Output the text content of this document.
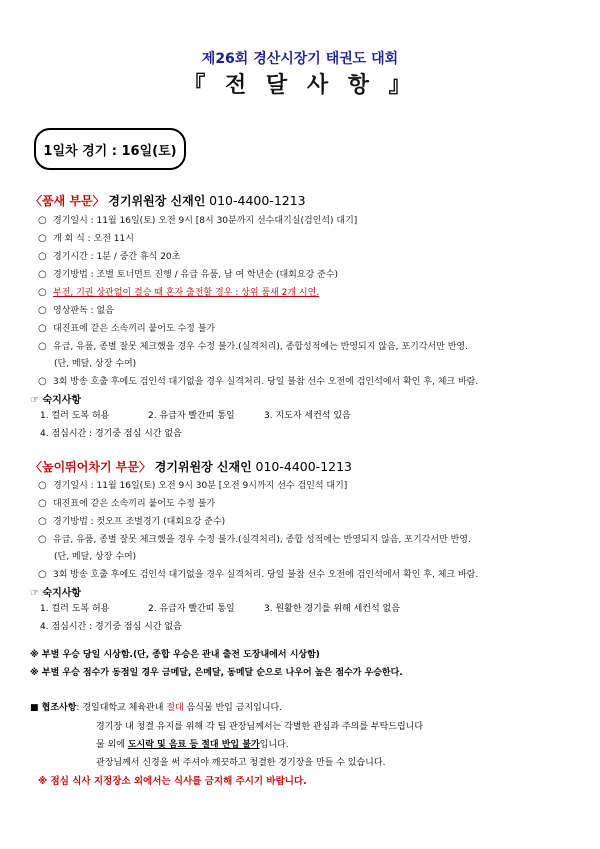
제26회 경산시장기 태권도 대회
『 전 달 사 항 』
1일차 경기 : 16일(토)
〈품새 부문〉 경기위원장 신재인 010-4400-1213
○ 경기일시 : 11월 16일(토) 오전 9시 [8시 30분까지 선수대기실(검인석) 대기]
○ 개 회 식 : 오전 11시
○ 경기시간 : 1분 / 중간 휴식 20초
○ 경기방법 : 조별 토너먼트 진행 / 유급 유품, 남 여 학년순 (대회요강 준수)
○ 부전, 기권 상관없이 결승 때 혼자 출전할 경우 : 상위 품새 2개 시연.
○ 영상판독 : 없음
○ 대진표에 같은 소속끼리 붙어도 수정 불가
○ 유급, 유품, 종별 잘못 체크했을 경우 수정 불가.(실격처리), 종합성적에는 반영되지 않음, 포기각서만 반영.
(단, 메달, 상장 수여)
○ 3회 방송 호출 후에도 검인석 대기없을 경우 실격처리. 당일 불참 선수 오전에 검인석에서 확인 후, 체크 바람.
☞ 숙지사항
1. 컬러 도복 허용	2. 유급자 빨간띠 통일	3. 지도자 세컨석 있음
4. 점심시간 : 경기중 점심 시간 없음
〈높이뛰어차기 부문〉 경기위원장 신재인 010-4400-1213
○ 경기일시 : 11월 16일(토) 오전 9시 30분 [오전 9시까지 선수 검인석 대기]
○ 대진표에 같은 소속끼리 붙어도 수정 불가
○ 경기방법 : 컷오프 조별경기 (대회요강 준수)
○ 유급, 유품, 종별 잘못 체크했을 경우 수정 불가.(실격처리), 종합 성적에는 반영되지 않음, 포기각서만 반영.
(단, 메달, 상장 수여)
○ 3회 방송 호출 후에도 검인석 대기없을 경우 실격처리. 당일 불참 선수 오전에 검인석에서 확인 후, 체크 바람.
☞ 숙지사항
1. 컬러 도복 허용	2. 유급자 빨간띠 통일	3. 원활한 경기를 위해 세컨석 없음
4. 점심시간 : 경기중 점심 시간 없음
※ 부별 우승 당일 시상함.(단, 종합 우승은 관내 출전 도장내에서 시상함)
※ 부별 우승 점수가 동점일 경우 금메달, 은메달, 동메달 순으로 나우어 높은 점수가 우승한다.
■ 협조사항: 경일대학교 체육관내 절대 음식물 반입 금지입니다.
경기장 내 청결 유지를 위해 각 팀 관장님께서는 각별한 관심과 주의를 부탁드립니다
물 외에 도시락 및 음료 등 절대 반입 불가입니다.
관장님께서 신경을 써 주셔야 깨끗하고 청결한 경기장을 만들 수 있습니다.
※ 점심 식사 지정장소 외에서는 식사를 금지해 주시기 바랍니다.
